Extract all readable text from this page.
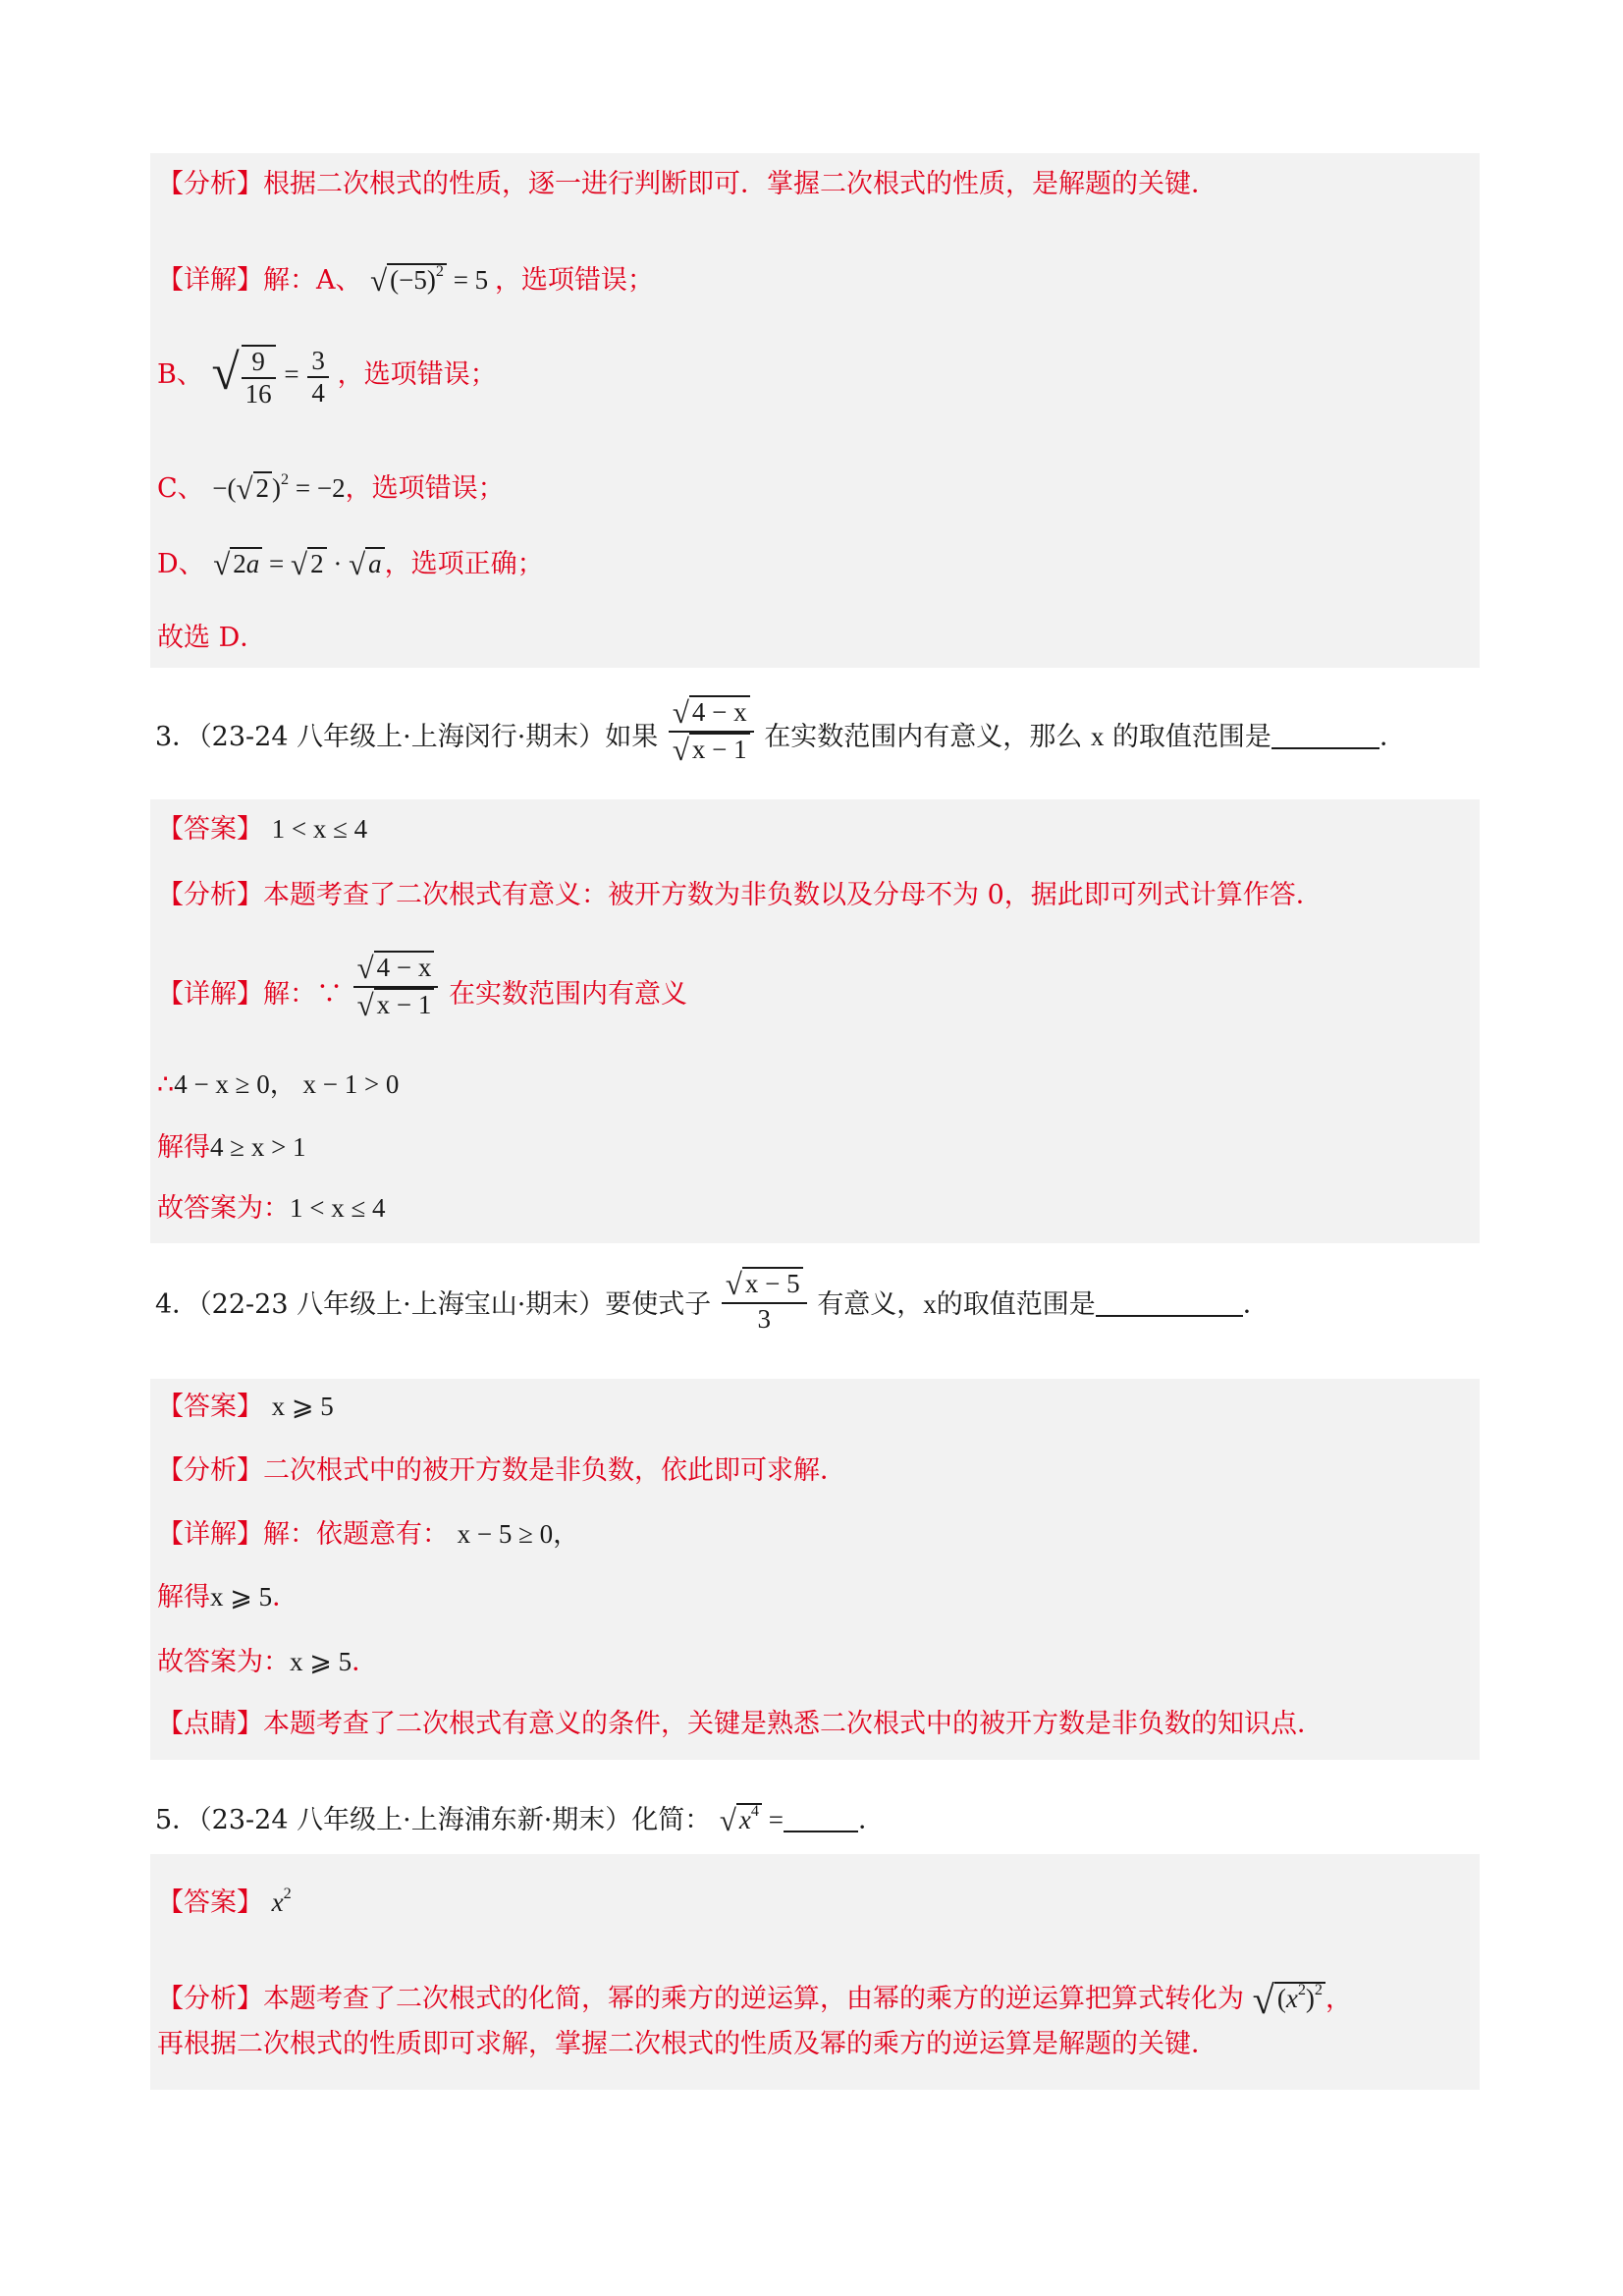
【分析】根据二次根式的性质，逐一进行判断即可．掌握二次根式的性质，是解题的关键．
【详解】解：A、 √ $(-5)^2 = 5$ ，选项错误；
B、 √ $\frac{9}{16} = \frac{3}{4}$ ，选项错误；
C、 −(√ 2 )$^2$ = −2，选项错误；
D、 √ 2a = √ 2 · √ a ，选项正确；
故选 D．
3．（23-24 八年级上·上海闵行·期末）如果 $\frac{√ 4 - x}{√ x - 1}$ 在实数范围内有意义，那么 x 的取值范围是	．
【答案】 1 < x ≤ 4
【分析】本题考查了二次根式有意义：被开方数为非负数以及分母不为 0，据此即可列式计算作答．
【详解】解：∵ $\frac{√ 4 - x}{√ x - 1}$ 在实数范围内有意义
∴4 − x ≥ 0， x − 1 > 0
解得4 ≥ x > 1
故答案为：1 < x ≤ 4
4．（22-23 八年级上·上海宝山·期末）要使式子 $\frac{√ x - 5}{3}$ 有意义，x的取值范围是	．
【答案】 x ⩾ 5
【分析】二次根式中的被开方数是非负数，依此即可求解．
【详解】解：依题意有： x − 5 ≥ 0，
解得x ⩾ 5．
故答案为：x ⩾ 5．
【点睛】本题考查了二次根式有意义的条件，关键是熟悉二次根式中的被开方数是非负数的知识点．
5．（23-24 八年级上·上海浦东新·期末）化简： √ $x^4$ =	．
【答案】 $x^2$
【分析】本题考查了二次根式的化简，幂的乘方的逆运算，由幂的乘方的逆运算把算式转化为 √ $(x^2)^2$ ，
再根据二次根式的性质即可求解，掌握二次根式的性质及幂的乘方的逆运算是解题的关键．
